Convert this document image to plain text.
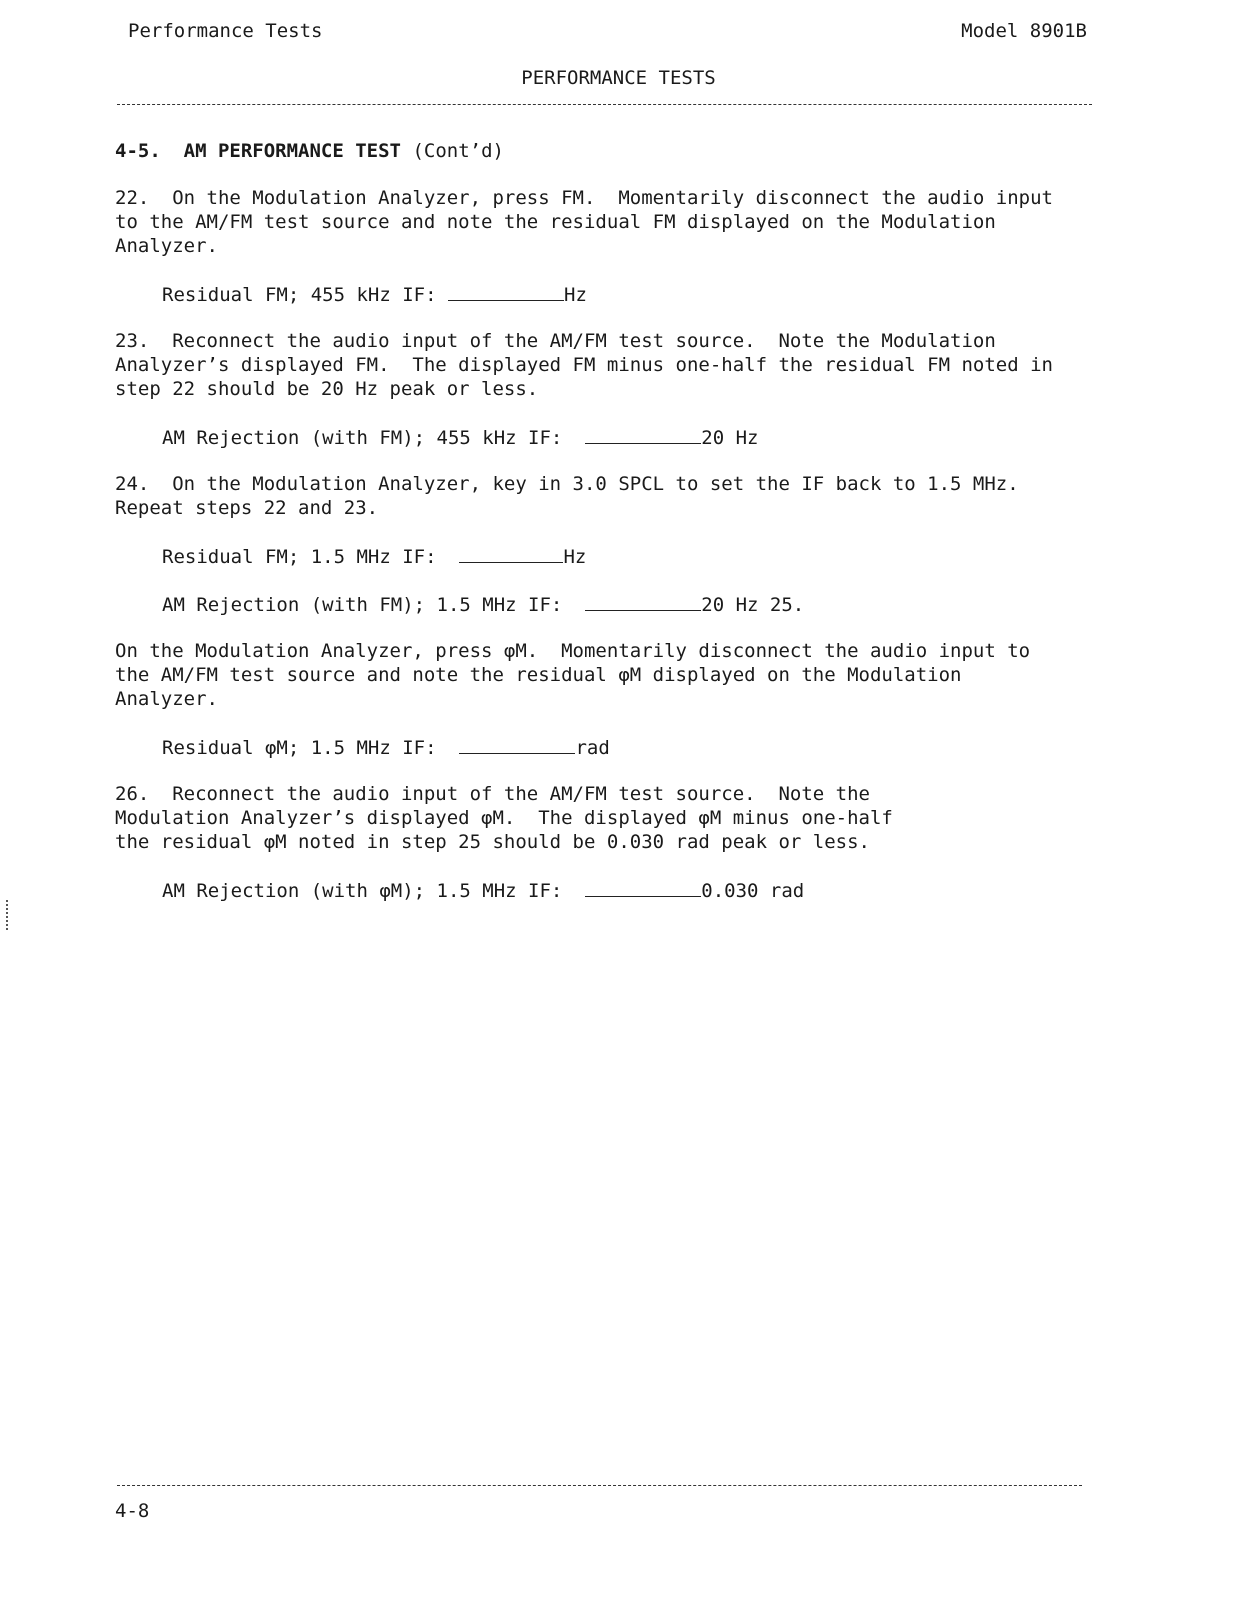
Performance Tests	Model 8901B
PERFORMANCE TESTS
4-5. AM PERFORMANCE TEST (Cont’d)
22.  On the Modulation Analyzer, press FM.  Momentarily disconnect the audio input
to the AM/FM test source and note the residual FM displayed on the Modulation
Analyzer.
Residual FM; 455 kHz IF:	Hz
23.  Reconnect the audio input of the AM/FM test source.  Note the Modulation
Analyzer’s displayed FM.  The displayed FM minus one-half the residual FM noted in
step 22 should be 20 Hz peak or less.
AM Rejection (with FM); 455 kHz IF:	20 Hz
24.  On the Modulation Analyzer, key in 3.0 SPCL to set the IF back to 1.5 MHz.
Repeat steps 22 and 23.
Residual FM; 1.5 MHz IF:	Hz
AM Rejection (with FM); 1.5 MHz IF:	20 Hz 25.
On the Modulation Analyzer, press φM.  Momentarily disconnect the audio input to
the AM/FM test source and note the residual φM displayed on the Modulation
Analyzer.
Residual φM; 1.5 MHz IF:	rad
26.  Reconnect the audio input of the AM/FM test source.  Note the
Modulation Analyzer’s displayed φM.  The displayed φM minus one-half
the residual φM noted in step 25 should be 0.030 rad peak or less.
AM Rejection (with φM); 1.5 MHz IF:	0.030 rad
4-8
